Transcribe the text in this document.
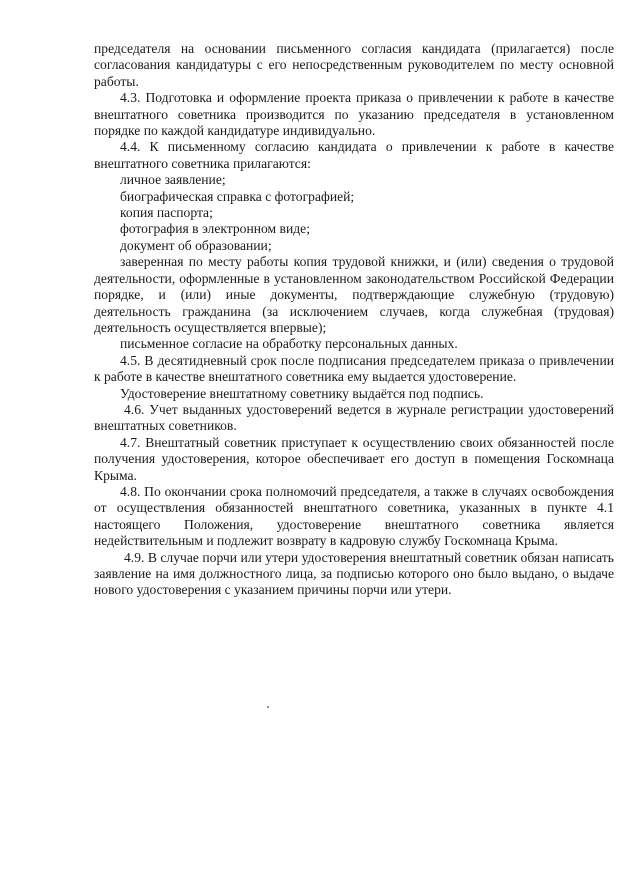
председателя на основании письменного согласия кандидата (прилагается) после согласования кандидатуры с его непосредственным руководителем по месту основной работы.

4.3. Подготовка и оформление проекта приказа о привлечении к работе в качестве внештатного советника производится по указанию председателя в установленном порядке по каждой кандидатуре индивидуально.

4.4. К письменному согласию кандидата о привлечении к работе в качестве внештатного советника прилагаются:

личное заявление;

биографическая справка с фотографией;

копия паспорта;

фотография в электронном виде;

документ об образовании;

заверенная по месту работы копия трудовой книжки, и (или) сведения о трудовой деятельности, оформленные в установленном законодательством Российской Федерации порядке, и (или) иные документы, подтверждающие служебную (трудовую) деятельность гражданина (за исключением случаев, когда служебная (трудовая) деятельность осуществляется впервые);

письменное согласие на обработку персональных данных.

4.5. В десятидневный срок после подписания председателем приказа о привлечении к работе в качестве внештатного советника ему выдается удостоверение.

Удостоверение внештатному советнику выдаётся под подпись.

4.6. Учет выданных удостоверений ведется в журнале регистрации удостоверений внештатных советников.

4.7. Внештатный советник приступает к осуществлению своих обязанностей после получения удостоверения, которое обеспечивает его доступ в помещения Госкомнаца Крыма.

4.8. По окончании срока полномочий председателя, а также в случаях освобождения от осуществления обязанностей внештатного советника, указанных в пункте 4.1 настоящего Положения, удостоверение внештатного советника является недействительным и подлежит возврату в кадровую службу Госкомнаца Крыма.

4.9. В случае порчи или утери удостоверения внештатный советник обязан написать заявление на имя должностного лица, за подписью которого оно было выдано, о выдаче нового удостоверения с указанием причины порчи или утери.
